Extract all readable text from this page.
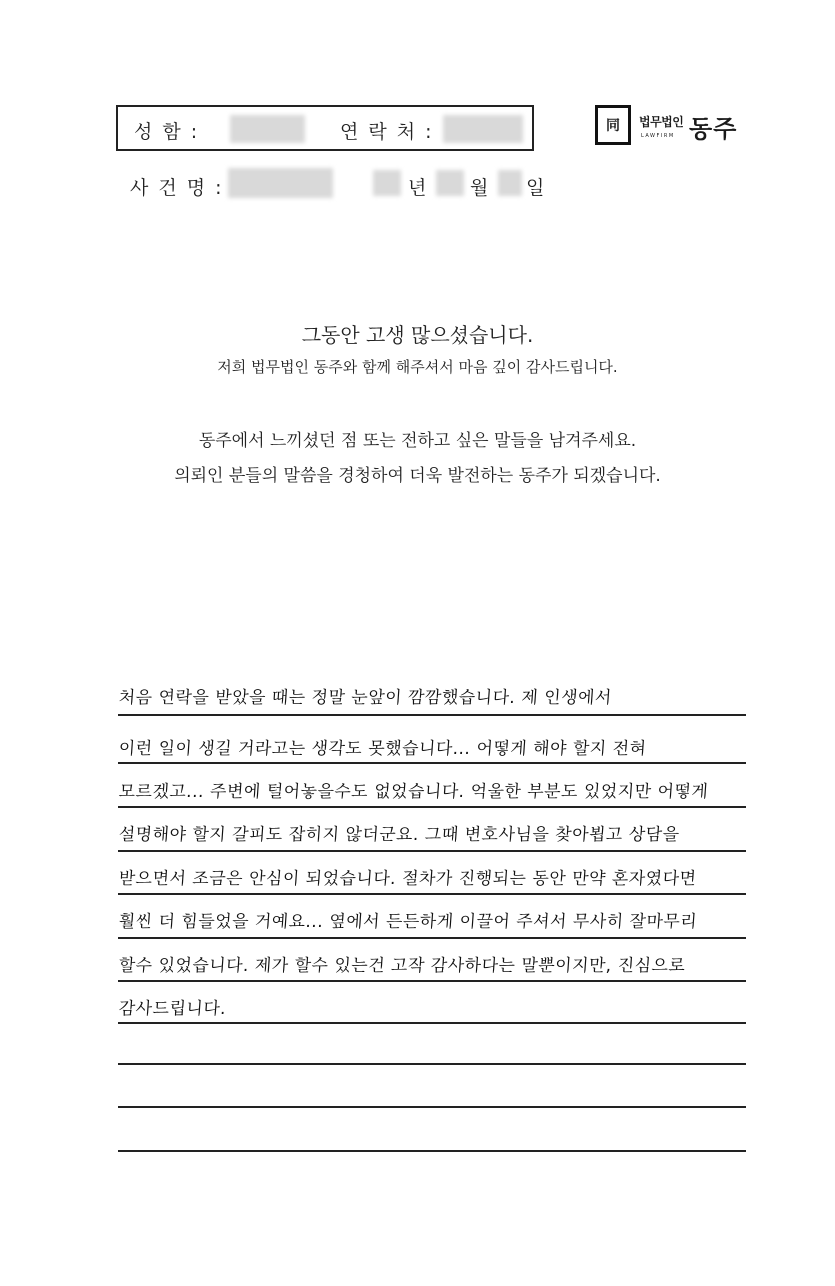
성 함 :	연 락 처 :
사 건 명 :	년 월 일
同	법무법인
LAWFIRM 동주
그동안 고생 많으셨습니다.
저희 법무법인 동주와 함께 해주셔서 마음 깊이 감사드립니다.
동주에서 느끼셨던 점 또는 전하고 싶은 말들을 남겨주세요.
의뢰인 분들의 말씀을 경청하여 더욱 발전하는 동주가 되겠습니다.
처음 연락을 받았을 때는 정말 눈앞이 깜깜했습니다. 제 인생에서
이런 일이 생길 거라고는 생각도 못했습니다... 어떻게 해야 할지 전혀
모르겠고... 주변에 털어놓을수도 없었습니다. 억울한 부분도 있었지만 어떻게
설명해야 할지 갈피도 잡히지 않더군요. 그때 변호사님을 찾아뵙고 상담을
받으면서 조금은 안심이 되었습니다. 절차가 진행되는 동안 만약 혼자였다면
훨씬 더 힘들었을 거예요... 옆에서 든든하게 이끌어 주셔서 무사히 잘마무리
할수 있었습니다. 제가 할수 있는건 고작 감사하다는 말뿐이지만, 진심으로
감사드립니다.
